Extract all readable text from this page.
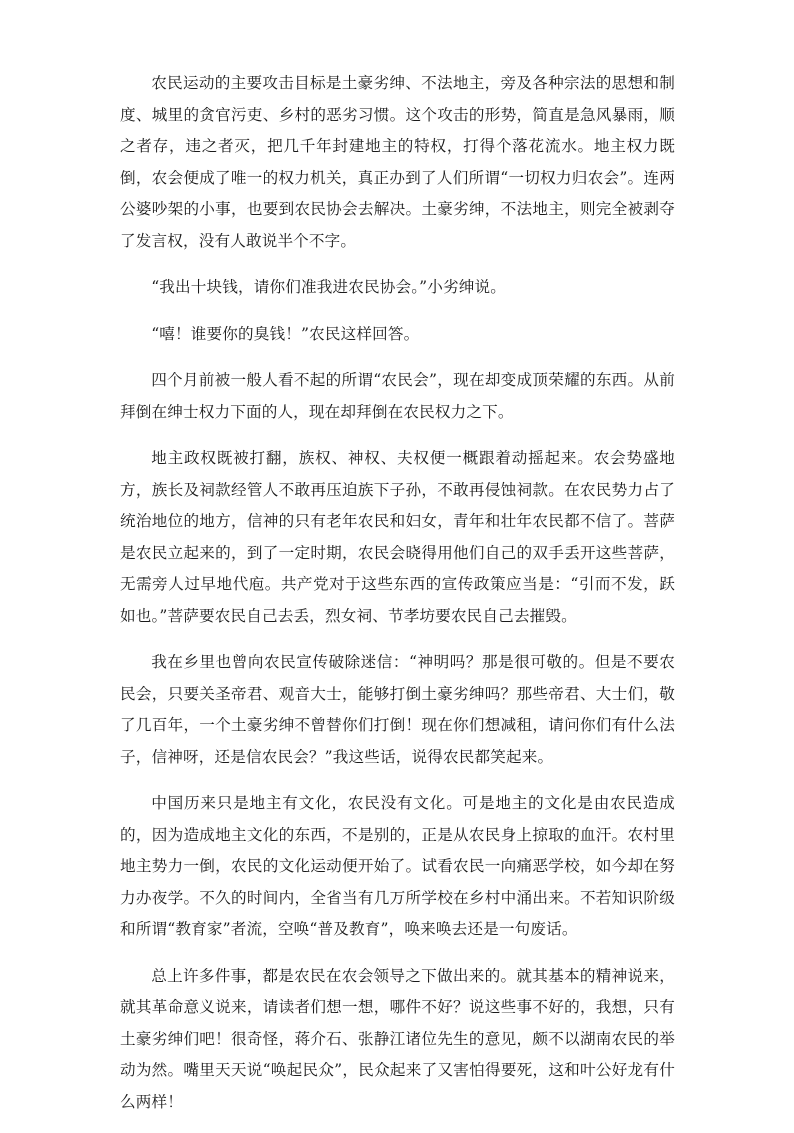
农民运动的主要攻击目标是土豪劣绅、不法地主，旁及各种宗法的思想和制度、城里的贪官污吏、乡村的恶劣习惯。这个攻击的形势，简直是急风暴雨，顺之者存，违之者灭，把几千年封建地主的特权，打得个落花流水。地主权力既倒，农会便成了唯一的权力机关，真正办到了人们所谓“一切权力归农会”。连两公婆吵架的小事，也要到农民协会去解决。土豪劣绅，不法地主，则完全被剥夺了发言权，没有人敢说半个不字。

“我出十块钱，请你们准我进农民协会。”小劣绅说。

“嘻！谁要你的臭钱！”农民这样回答。

四个月前被一般人看不起的所谓“农民会”，现在却变成顶荣耀的东西。从前拜倒在绅士权力下面的人，现在却拜倒在农民权力之下。

地主政权既被打翻，族权、神权、夫权便一概跟着动摇起来。农会势盛地方，族长及祠款经管人不敢再压迫族下子孙，不敢再侵蚀祠款。在农民势力占了统治地位的地方，信神的只有老年农民和妇女，青年和壮年农民都不信了。菩萨是农民立起来的，到了一定时期，农民会晓得用他们自己的双手丢开这些菩萨，无需旁人过早地代庖。共产党对于这些东西的宣传政策应当是：“引而不发，跃如也。”菩萨要农民自己去丢，烈女祠、节孝坊要农民自己去摧毁。

我在乡里也曾向农民宣传破除迷信：“神明吗？那是很可敬的。但是不要农民会，只要关圣帝君、观音大士，能够打倒土豪劣绅吗？那些帝君、大士们，敬了几百年，一个土豪劣绅不曾替你们打倒！现在你们想减租，请问你们有什么法子，信神呀，还是信农民会？”我这些话，说得农民都笑起来。

中国历来只是地主有文化，农民没有文化。可是地主的文化是由农民造成的，因为造成地主文化的东西，不是别的，正是从农民身上掠取的血汗。农村里地主势力一倒，农民的文化运动便开始了。试看农民一向痛恶学校，如今却在努力办夜学。不久的时间内，全省当有几万所学校在乡村中涌出来。不若知识阶级和所谓“教育家”者流，空唤“普及教育”，唤来唤去还是一句废话。

总上许多件事，都是农民在农会领导之下做出来的。就其基本的精神说来，就其革命意义说来，请读者们想一想，哪件不好？说这些事不好的，我想，只有土豪劣绅们吧！很奇怪，蒋介石、张静江诸位先生的意见，颇不以湖南农民的举动为然。嘴里天天说“唤起民众”，民众起来了又害怕得要死，这和叶公好龙有什么两样！
